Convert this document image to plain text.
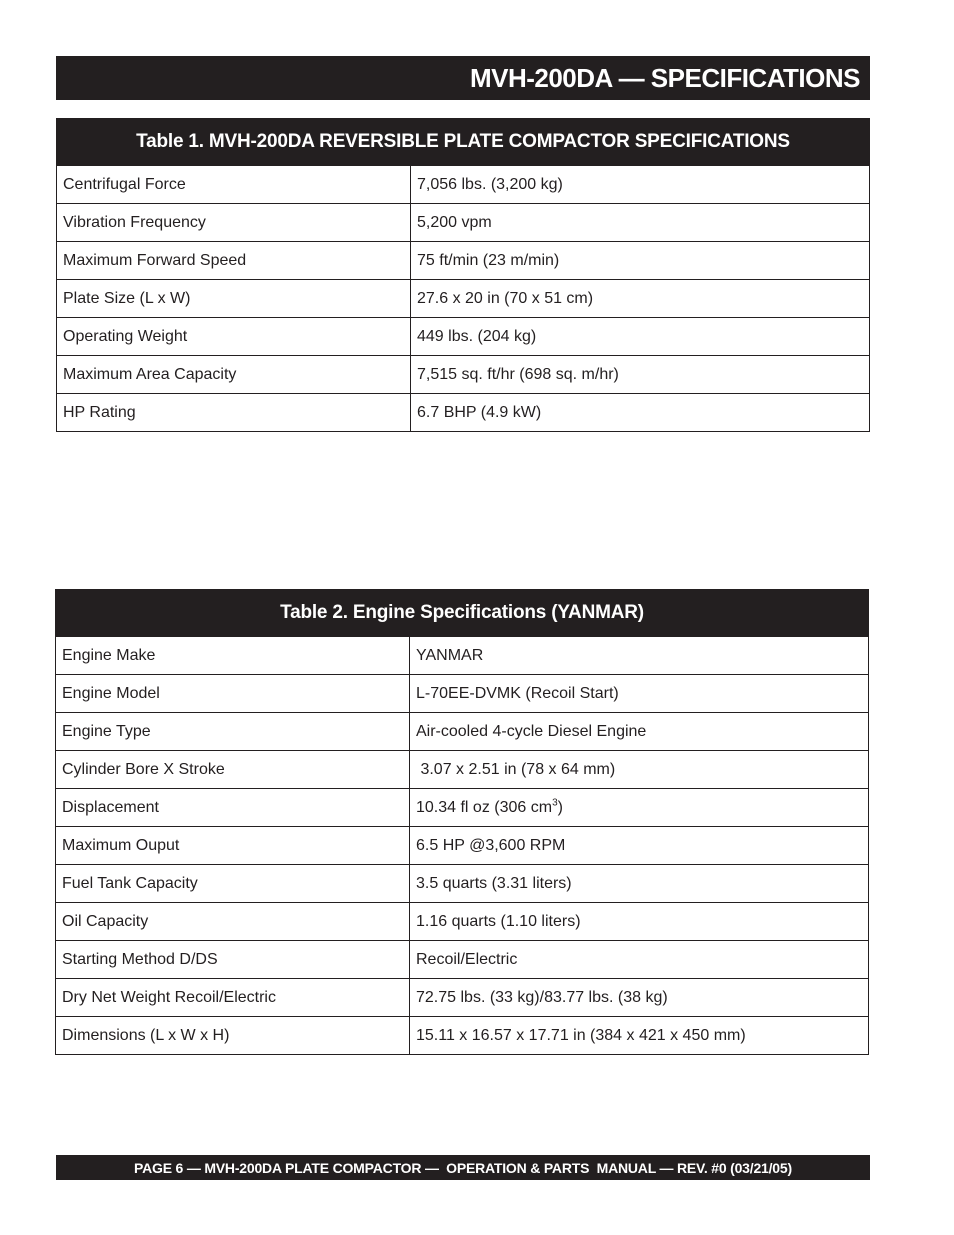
MVH-200DA — SPECIFICATIONS
Table 1. MVH-200DA REVERSIBLE PLATE COMPACTOR SPECIFICATIONS	
Centrifugal Force	7,056 lbs. (3,200 kg)
Vibration Frequency	5,200 vpm
Maximum Forward Speed	75 ft/min (23 m/min)
Plate Size (L x W)	27.6 x 20 in (70 x 51 cm)
Operating Weight	449 lbs. (204 kg)
Maximum Area Capacity	7,515 sq. ft/hr (698 sq. m/hr)
HP Rating	6.7 BHP (4.9 kW)
Table 2. Engine Specifications (YANMAR)	
Engine Make	YANMAR
Engine Model	L-70EE-DVMK (Recoil Start)
Engine Type	Air-cooled 4-cycle Diesel Engine
Cylinder Bore X Stroke	3.07 x 2.51 in (78 x 64 mm)
Displacement	10.34 fl oz (306 $cm^3$)
Maximum Ouput	6.5 HP @3,600 RPM
Fuel Tank Capacity	3.5 quarts (3.31 liters)
Oil Capacity	1.16 quarts (1.10 liters)
Starting Method D/DS	Recoil/Electric
Dry Net Weight Recoil/Electric	72.75 lbs. (33 kg)/83.77 lbs. (38 kg)
Dimensions (L x W x H)	15.11 x 16.57 x 17.71 in (384 x 421 x 450 mm)
PAGE 6 — MVH-200DA PLATE COMPACTOR —  OPERATION & PARTS  MANUAL — REV. #0 (03/21/05)
